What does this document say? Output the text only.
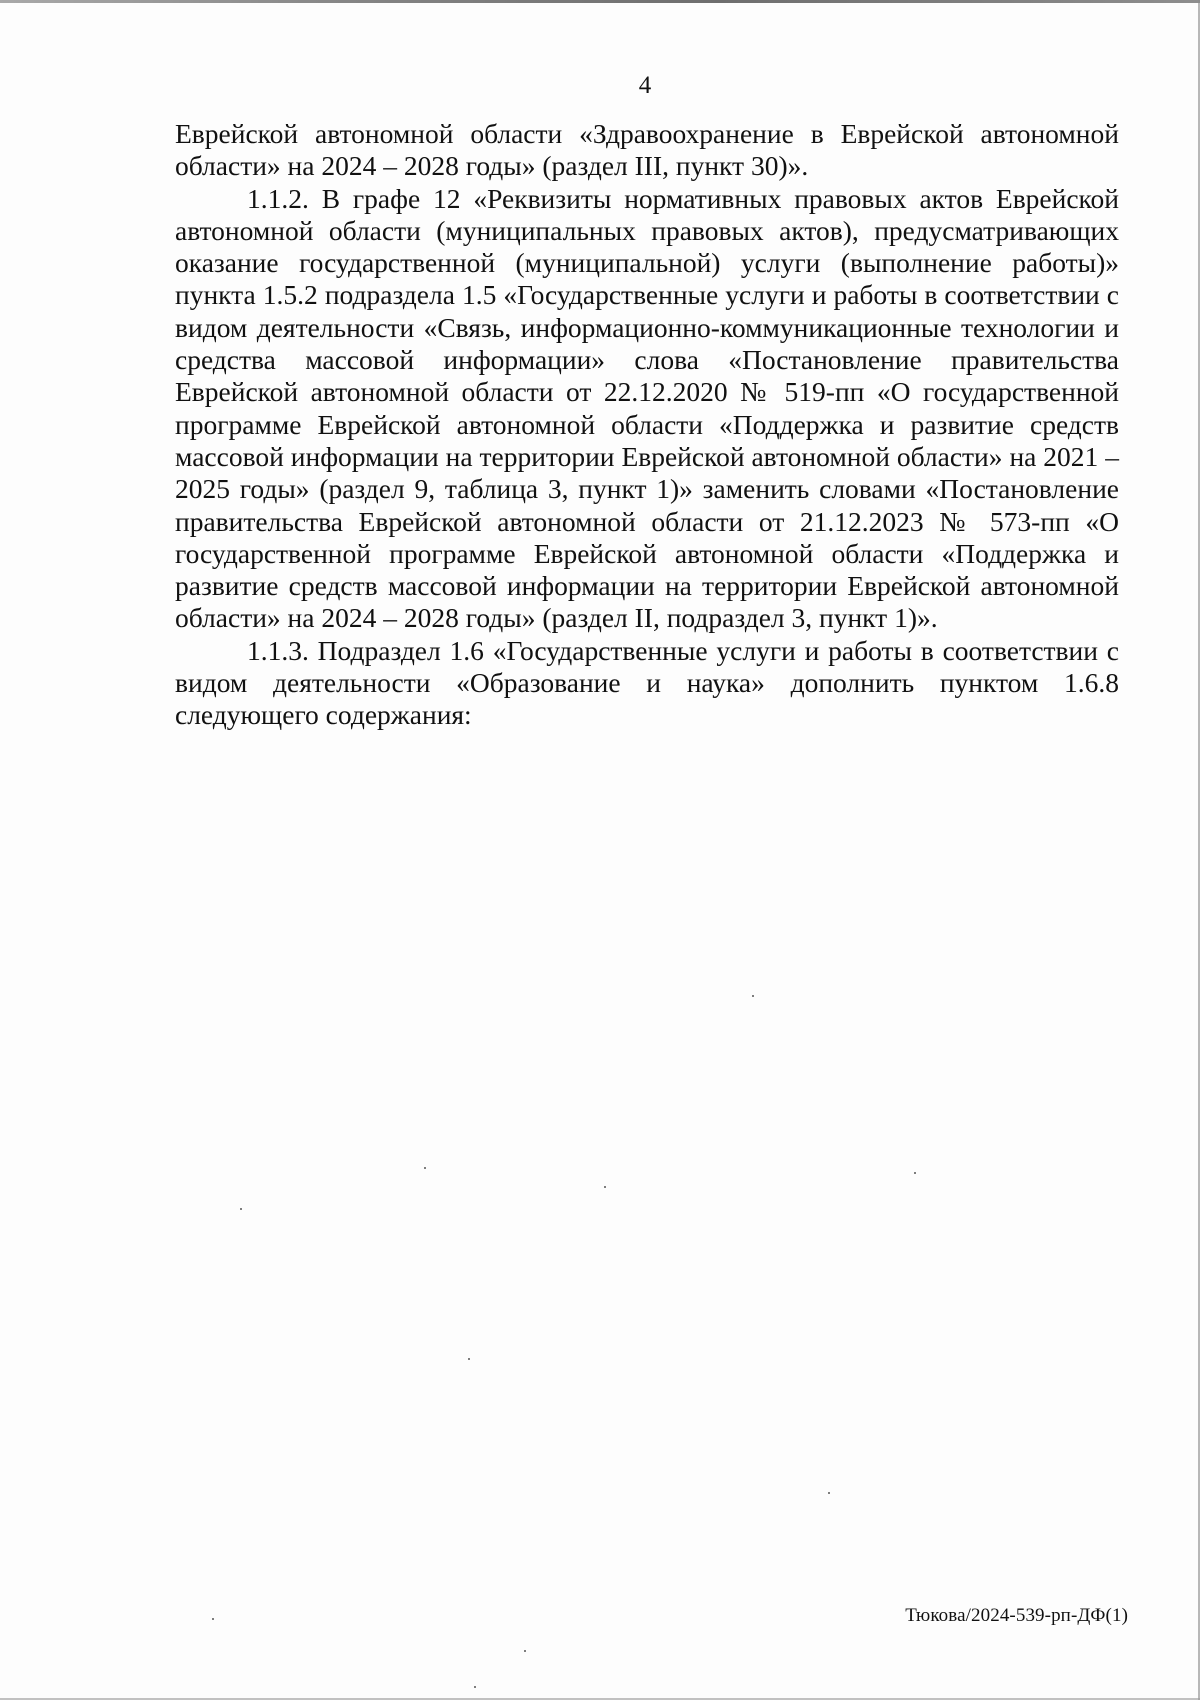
4

Еврейской автономной области «Здравоохранение в Еврейской автономной области» на 2024 – 2028 годы» (раздел III, пункт 30)».

1.1.2. В графе 12 «Реквизиты нормативных правовых актов Еврейской автономной области (муниципальных правовых актов), предусматривающих оказание государственной (муниципальной) услуги (выполнение работы)» пункта 1.5.2 подраздела 1.5 «Государственные услуги и работы в соответствии с видом деятельности «Связь, информационно-коммуникационные технологии и средства массовой информации» слова «Постановление правительства Еврейской автономной области от 22.12.2020 № 519-пп «О государственной программе Еврейской автономной области «Поддержка и развитие средств массовой информации на территории Еврейской автономной области» на 2021 – 2025 годы» (раздел 9, таблица 3, пункт 1)» заменить словами «Постановление правительства Еврейской автономной области от 21.12.2023 № 573-пп «О государственной программе Еврейской автономной области «Поддержка и развитие средств массовой информации на территории Еврейской автономной области» на 2024 – 2028 годы» (раздел II, подраздел 3, пункт 1)».

1.1.3. Подраздел 1.6 «Государственные услуги и работы в соответствии с видом деятельности «Образование и наука» дополнить пунктом 1.6.8 следующего содержания:

Тюкова/2024-539-рп-ДФ(1)
